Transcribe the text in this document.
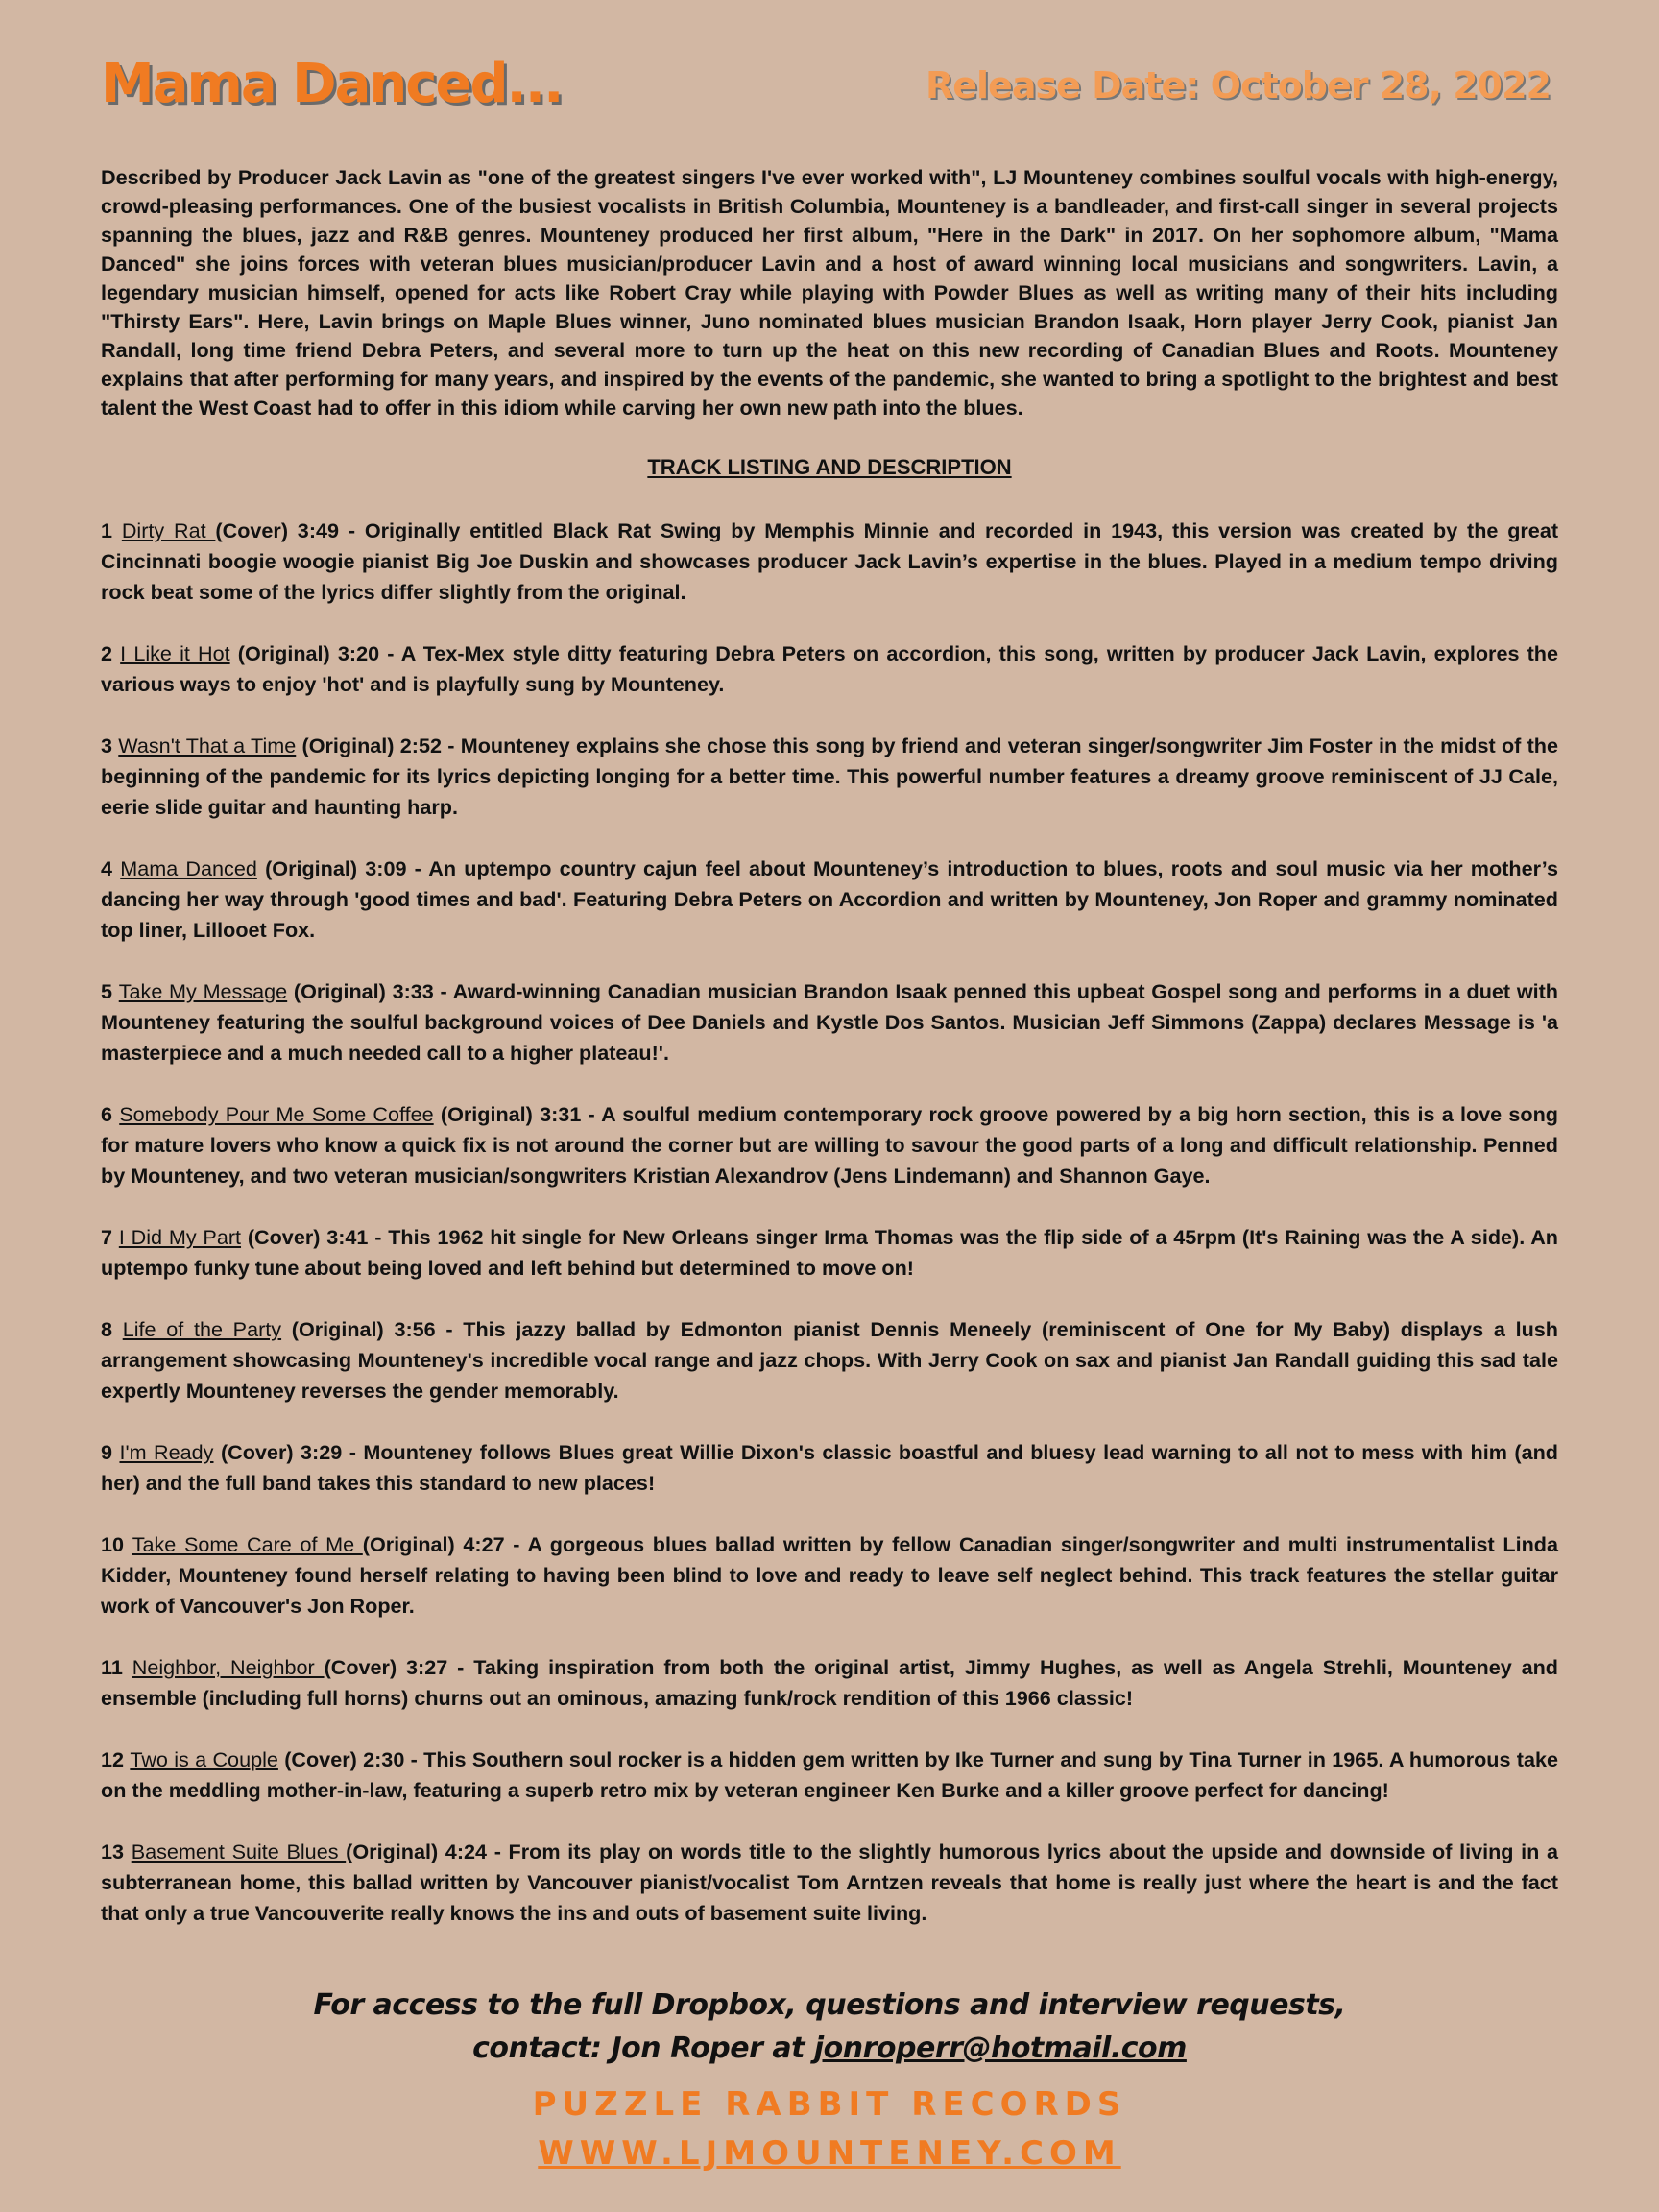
Mama Danced...	Release Date: October 28, 2022

Described by Producer Jack Lavin as "one of the greatest singers I've ever worked with", LJ Mounteney combines soulful vocals with high-energy, crowd-pleasing performances. One of the busiest vocalists in British Columbia, Mounteney is a bandleader, and first-call singer in several projects spanning the blues, jazz and R&B genres. Mounteney produced her first album, "Here in the Dark" in 2017. On her sophomore album, "Mama Danced" she joins forces with veteran blues musician/producer Lavin and a host of award winning local musicians and songwriters. Lavin, a legendary musician himself, opened for acts like Robert Cray while playing with Powder Blues as well as writing many of their hits including "Thirsty Ears". Here, Lavin brings on Maple Blues winner, Juno nominated blues musician Brandon Isaak, Horn player Jerry Cook, pianist Jan Randall, long time friend Debra Peters, and several more to turn up the heat on this new recording of Canadian Blues and Roots. Mounteney explains that after performing for many years, and inspired by the events of the pandemic, she wanted to bring a spotlight to the brightest and best talent the West Coast had to offer in this idiom while carving her own new path into the blues.

TRACK LISTING AND DESCRIPTION

1 Dirty Rat (Cover) 3:49 - Originally entitled Black Rat Swing by Memphis Minnie and recorded in 1943, this version was created by the great Cincinnati boogie woogie pianist Big Joe Duskin and showcases producer Jack Lavin’s expertise in the blues. Played in a medium tempo driving rock beat some of the lyrics differ slightly from the original.
2 I Like it Hot (Original) 3:20 - A Tex-Mex style ditty featuring Debra Peters on accordion, this song, written by producer Jack Lavin, explores the various ways to enjoy 'hot' and is playfully sung by Mounteney.
3 Wasn't That a Time (Original) 2:52 - Mounteney explains she chose this song by friend and veteran singer/songwriter Jim Foster in the midst of the beginning of the pandemic for its lyrics depicting longing for a better time. This powerful number features a dreamy groove reminiscent of JJ Cale, eerie slide guitar and haunting harp.
4 Mama Danced (Original) 3:09 - An uptempo country cajun feel about Mounteney’s introduction to blues, roots and soul music via her mother’s dancing her way through 'good times and bad'. Featuring Debra Peters on Accordion and written by Mounteney, Jon Roper and grammy nominated top liner, Lillooet Fox.
5 Take My Message (Original) 3:33 - Award-winning Canadian musician Brandon Isaak penned this upbeat Gospel song and performs in a duet with Mounteney featuring the soulful background voices of Dee Daniels and Kystle Dos Santos. Musician Jeff Simmons (Zappa) declares Message is 'a masterpiece and a much needed call to a higher plateau!'.
6 Somebody Pour Me Some Coffee (Original) 3:31 - A soulful medium contemporary rock groove powered by a big horn section, this is a love song for mature lovers who know a quick fix is not around the corner but are willing to savour the good parts of a long and difficult relationship. Penned by Mounteney, and two veteran musician/songwriters Kristian Alexandrov (Jens Lindemann) and Shannon Gaye.
7 I Did My Part (Cover) 3:41 - This 1962 hit single for New Orleans singer Irma Thomas was the flip side of a 45rpm (It's Raining was the A side). An uptempo funky tune about being loved and left behind but determined to move on!
8 Life of the Party (Original) 3:56 - This jazzy ballad by Edmonton pianist Dennis Meneely (reminiscent of One for My Baby) displays a lush arrangement showcasing Mounteney's incredible vocal range and jazz chops. With Jerry Cook on sax and pianist Jan Randall guiding this sad tale expertly Mounteney reverses the gender memorably.
9 I'm Ready (Cover) 3:29 - Mounteney follows Blues great Willie Dixon's classic boastful and bluesy lead warning to all not to mess with him (and her) and the full band takes this standard to new places!
10 Take Some Care of Me (Original) 4:27 - A gorgeous blues ballad written by fellow Canadian singer/songwriter and multi instrumentalist Linda Kidder, Mounteney found herself relating to having been blind to love and ready to leave self neglect behind. This track features the stellar guitar work of Vancouver's Jon Roper.
11 Neighbor, Neighbor (Cover) 3:27 - Taking inspiration from both the original artist, Jimmy Hughes, as well as Angela Strehli, Mounteney and ensemble (including full horns) churns out an ominous, amazing funk/rock rendition of this 1966 classic!
12 Two is a Couple (Cover) 2:30 - This Southern soul rocker is a hidden gem written by Ike Turner and sung by Tina Turner in 1965. A humorous take on the meddling mother-in-law, featuring a superb retro mix by veteran engineer Ken Burke and a killer groove perfect for dancing!
13 Basement Suite Blues (Original) 4:24 - From its play on words title to the slightly humorous lyrics about the upside and downside of living in a subterranean home, this ballad written by Vancouver pianist/vocalist Tom Arntzen reveals that home is really just where the heart is and the fact that only a true Vancouverite really knows the ins and outs of basement suite living.
For access to the full Dropbox, questions and interview requests,
contact: Jon Roper at jonroperr@hotmail.com
PUZZLE RABBIT RECORDS
WWW.LJMOUNTENEY.COM
